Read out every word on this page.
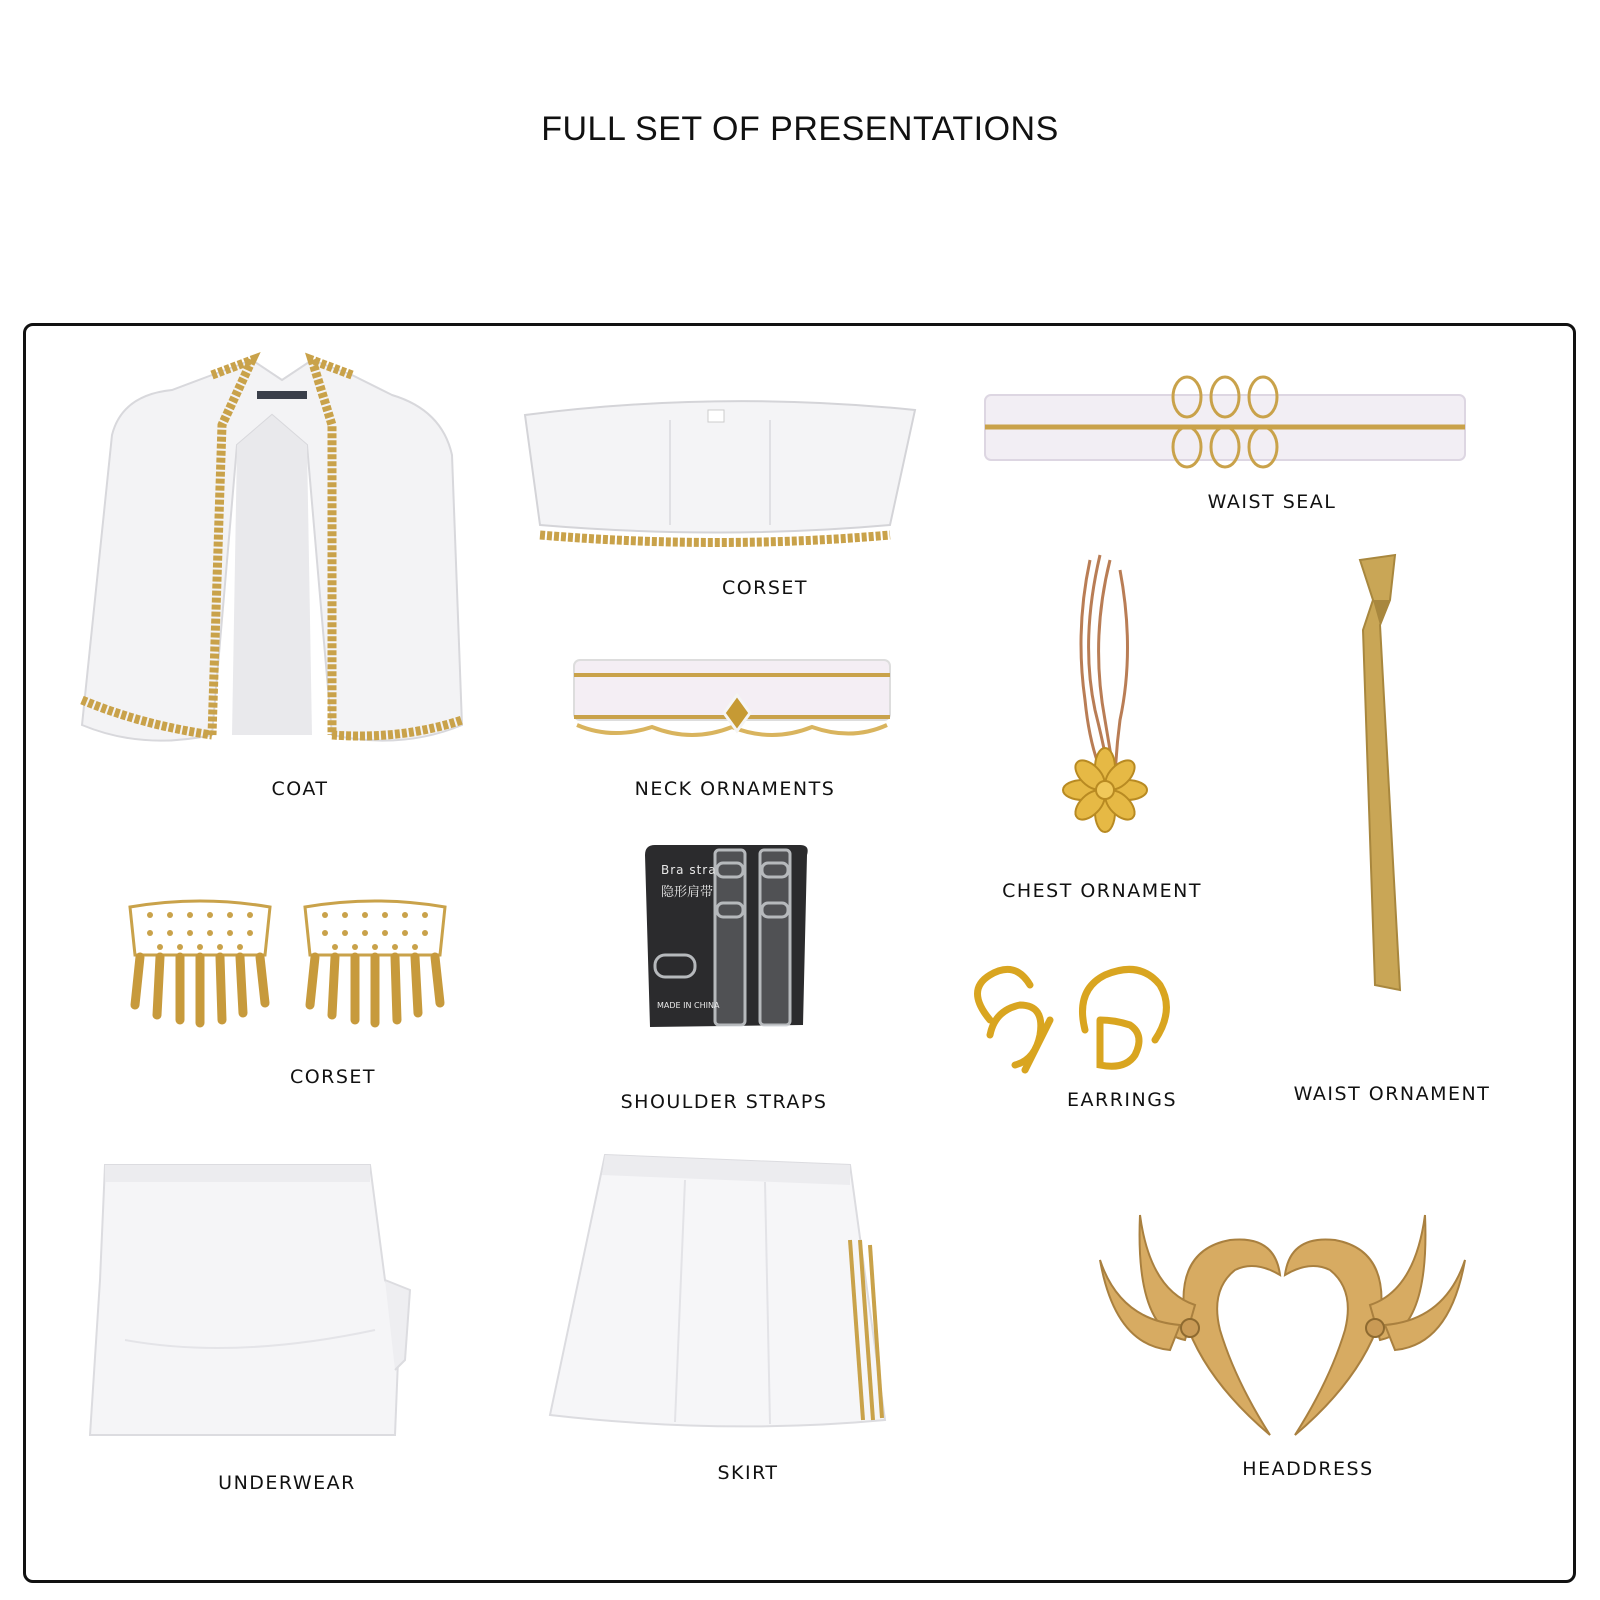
FULL SET OF PRESENTATIONS
COAT
CORSET
WAIST SEAL
NECK ORNAMENTS
CHEST ORNAMENT
WAIST ORNAMENT
CORSET
Bra stra
隐形肩带
MADE IN CHINA
SHOULDER STRAPS	EARRINGS
UNDERWEAR	SKIRT	HEADDRESS
